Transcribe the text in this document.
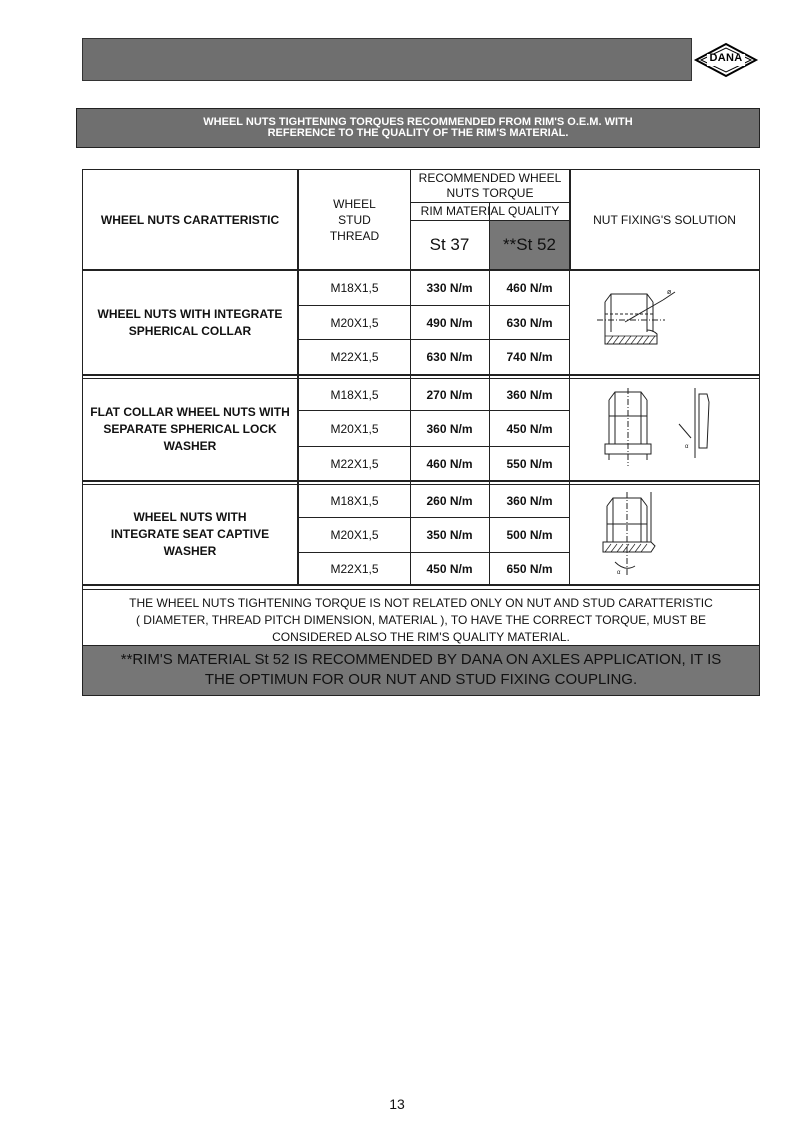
DANA
WHEEL NUTS TIGHTENING TORQUES RECOMMENDED FROM RIM'S O.E.M. WITH
REFERENCE TO THE QUALITY OF THE RIM'S MATERIAL.
WHEEL NUTS CARATTERISTIC
WHEEL STUD THREAD
RECOMMENDED WHEEL
NUTS TORQUE
RIM MATERIAL QUALITY
St 37	**St 52
NUT FIXING'S SOLUTION
WHEEL NUTS WITH INTEGRATE SPHERICAL COLLAR
M18X1,5	330 N/m	460 N/m
M20X1,5	490 N/m	630 N/m
M22X1,5	630 N/m	740 N/m
FLAT COLLAR WHEEL NUTS WITH SEPARATE SPHERICAL LOCK WASHER
M18X1,5	270 N/m	360 N/m
M20X1,5	360 N/m	450 N/m
M22X1,5	460 N/m	550 N/m
WHEEL NUTS WITH INTEGRATE SEAT CAPTIVE WASHER
M18X1,5	260 N/m	360 N/m
M20X1,5	350 N/m	500 N/m
M22X1,5	450 N/m	650 N/m
ø
α
α
THE WHEEL NUTS TIGHTENING TORQUE IS NOT RELATED ONLY ON NUT AND STUD CARATTERISTIC
( DIAMETER, THREAD PITCH DIMENSION, MATERIAL ), TO HAVE THE CORRECT TORQUE, MUST BE
CONSIDERED ALSO THE RIM'S QUALITY MATERIAL.
**RIM'S MATERIAL St 52 IS RECOMMENDED BY DANA ON AXLES APPLICATION, IT IS
THE OPTIMUN FOR OUR NUT AND STUD FIXING COUPLING.
13
